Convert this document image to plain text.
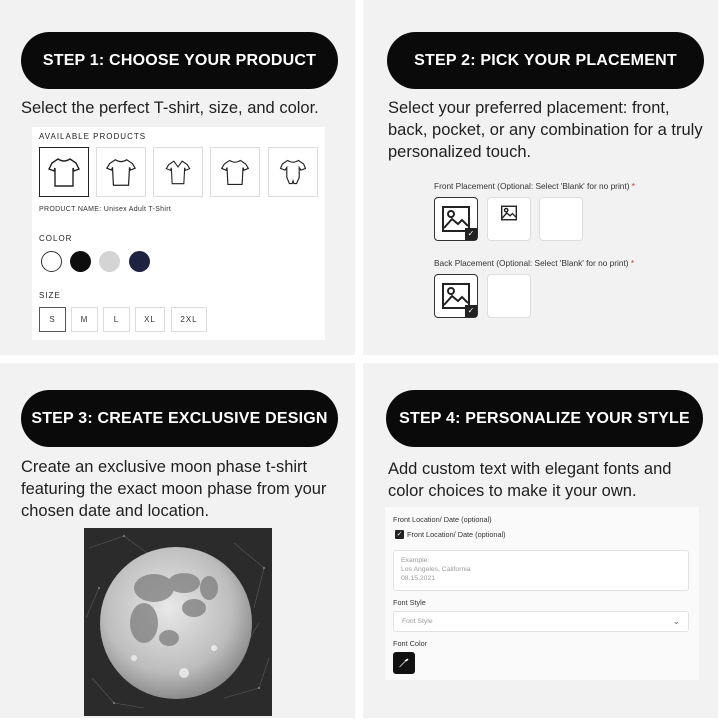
STEP 1: CHOOSE YOUR PRODUCT
Select the perfect T-shirt, size, and color.
AVAILABLE PRODUCTS
PRODUCT NAME: Unisex Adult T-Shirt
COLOR
SIZE
S	M	L	XL	2XL
STEP 2: PICK YOUR PLACEMENT
Select your preferred placement: front, back, pocket, or any combination for a truly personalized touch.
Front Placement (Optional: Select 'Blank' for no print) *
✓
Back Placement (Optional: Select 'Blank' for no print) *
✓
STEP 3: CREATE EXCLUSIVE DESIGN
Create an exclusive moon phase t-shirt featuring the exact moon phase from your chosen date and location.
STEP 4: PERSONALIZE YOUR STYLE
Add custom text with elegant fonts and color choices to make it your own.
Front Location/ Date (optional)
✓ Front Location/ Date (optional)
Example:
Los Angeles, California
08.15.2021
Font Style
Font Style	⌄
Font Color
